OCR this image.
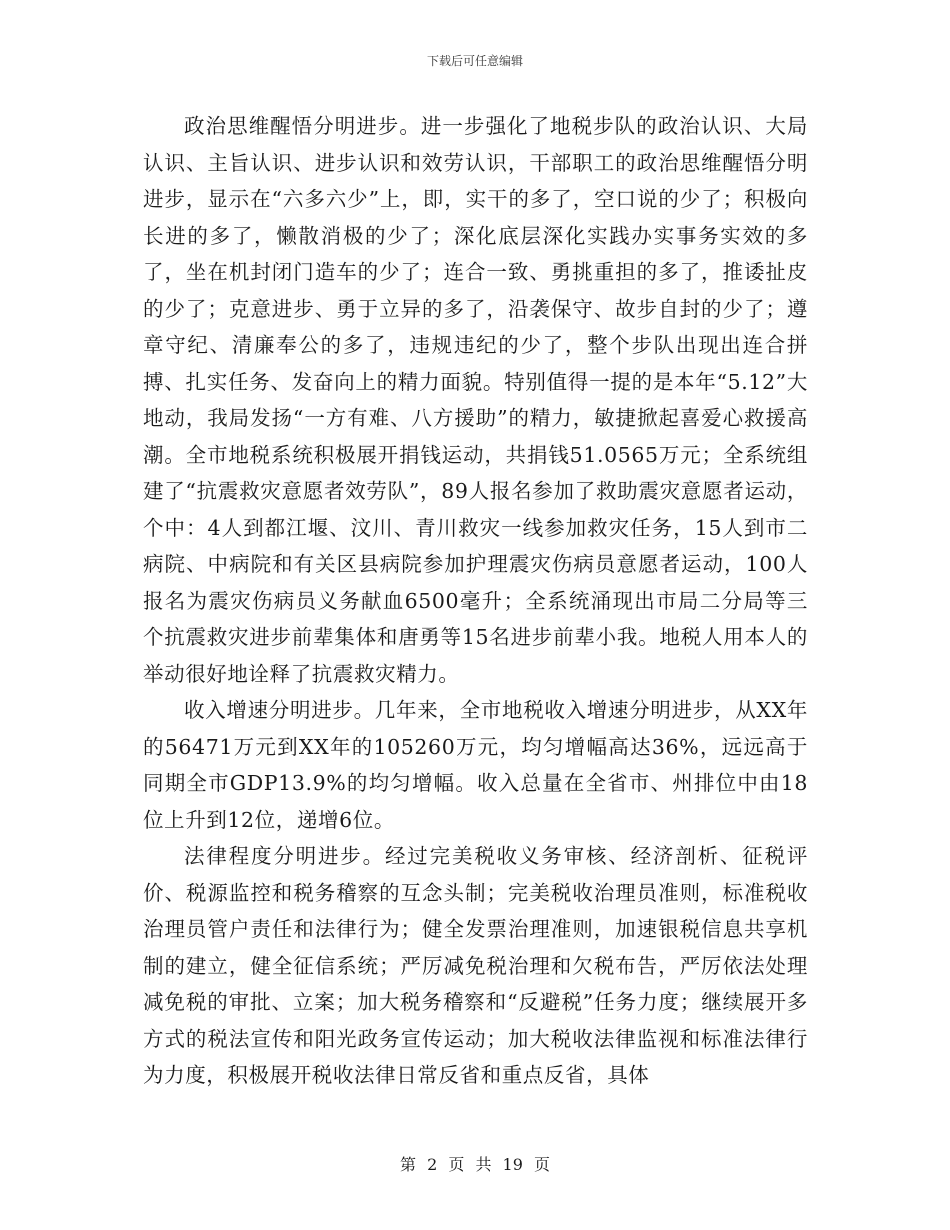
下载后可任意编辑

政治思维醒悟分明进步。进一步强化了地税步队的政治认识、大局认识、主旨认识、进步认识和效劳认识，干部职工的政治思维醒悟分明进步，显示在“六多六少”上，即，实干的多了，空口说的少了；积极向长进的多了，懒散消极的少了；深化底层深化实践办实事务实效的多了，坐在机封闭门造车的少了；连合一致、勇挑重担的多了，推诿扯皮的少了；克意进步、勇于立异的多了，沿袭保守、故步自封的少了；遵章守纪、清廉奉公的多了，违规违纪的少了，整个步队出现出连合拼搏、扎实任务、发奋向上的精力面貌。特别值得一提的是本年“5.12”大地动，我局发扬“一方有难、八方援助”的精力，敏捷掀起喜爱心救援高潮。全市地税系统积极展开捐钱运动，共捐钱51.0565万元；全系统组建了“抗震救灾意愿者效劳队”，89人报名参加了救助震灾意愿者运动，个中：4人到都江堰、汶川、青川救灾一线参加救灾任务，15人到市二病院、中病院和有关区县病院参加护理震灾伤病员意愿者运动，100人报名为震灾伤病员义务献血6500毫升；全系统涌现出市局二分局等三个抗震救灾进步前辈集体和唐勇等15名进步前辈小我。地税人用本人的举动很好地诠释了抗震救灾精力。

收入增速分明进步。几年来，全市地税收入增速分明进步，从XX年的56471万元到XX年的105260万元，均匀增幅高达36%，远远高于同期全市GDP13.9%的均匀增幅。收入总量在全省市、州排位中由18位上升到12位，递增6位。

法律程度分明进步。经过完美税收义务审核、经济剖析、征税评价、税源监控和税务稽察的互念头制；完美税收治理员准则，标准税收治理员管户责任和法律行为；健全发票治理准则，加速银税信息共享机制的建立，健全征信系统；严厉减免税治理和欠税布告，严厉依法处理减免税的审批、立案；加大税务稽察和“反避税”任务力度；继续展开多方式的税法宣传和阳光政务宣传运动；加大税收法律监视和标准法律行为力度，积极展开税收法律日常反省和重点反省，具体

第 2 页 共 19 页
